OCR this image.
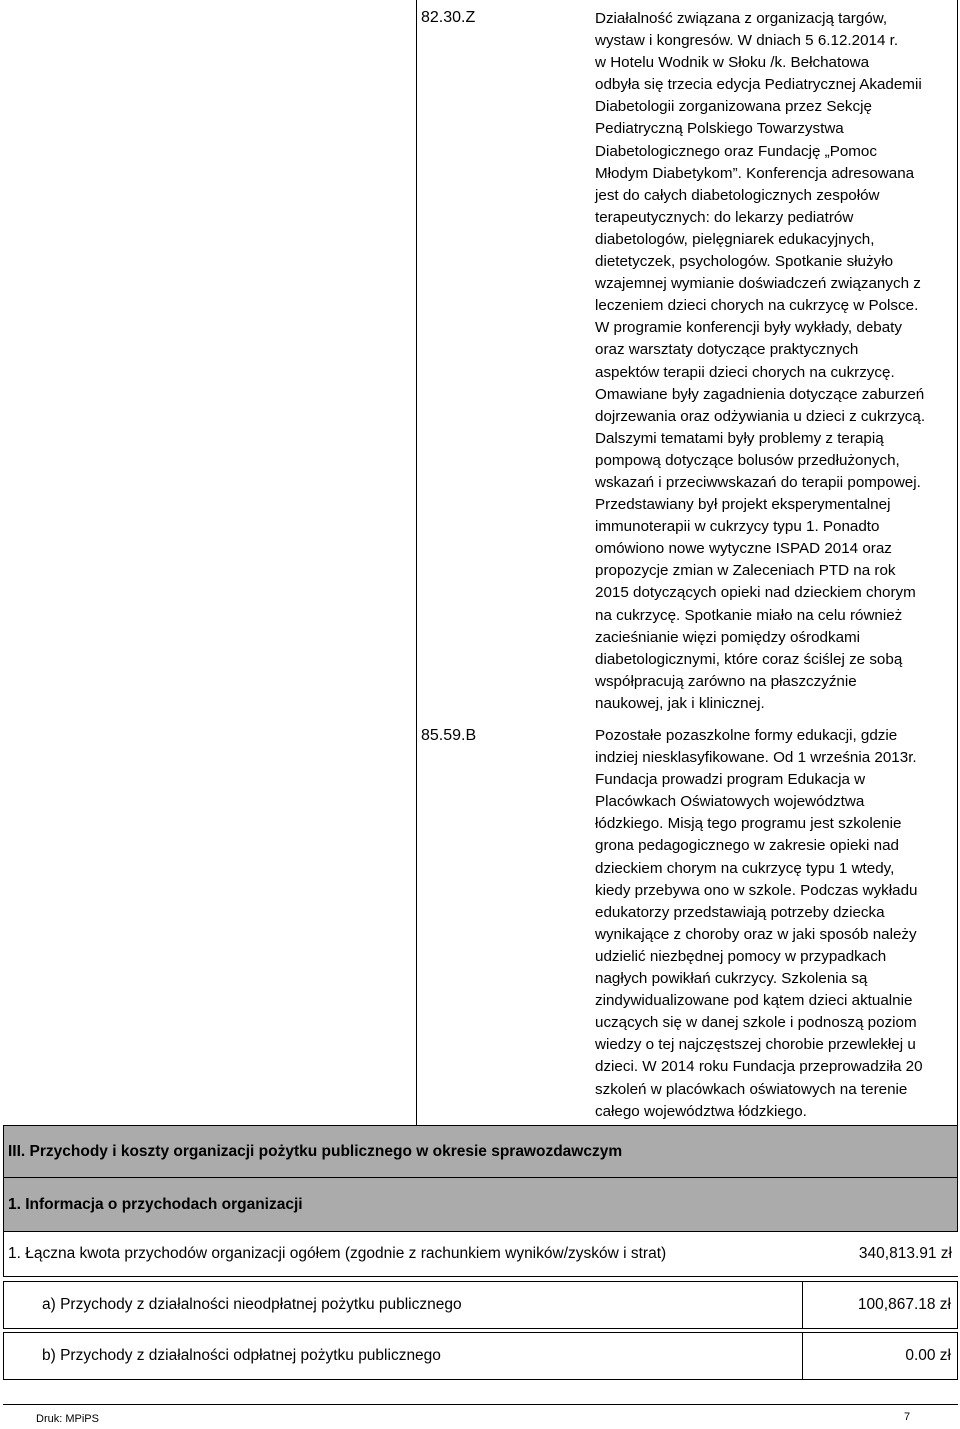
82.30.Z	Działalność związana z organizacją targów,
wystaw i kongresów. W dniach 5 6.12.2014 r.
w Hotelu Wodnik w Słoku /k. Bełchatowa
odbyła się trzecia edycja Pediatrycznej Akademii
Diabetologii zorganizowana przez Sekcję
Pediatryczną Polskiego Towarzystwa
Diabetologicznego oraz Fundację „Pomoc
Młodym Diabetykom”. Konferencja adresowana
jest do całych diabetologicznych zespołów
terapeutycznych: do lekarzy pediatrów
diabetologów, pielęgniarek edukacyjnych,
dietetyczek, psychologów. Spotkanie służyło
wzajemnej wymianie doświadczeń związanych z
leczeniem dzieci chorych na cukrzycę w Polsce.
W programie konferencji były wykłady, debaty
oraz warsztaty dotyczące praktycznych
aspektów terapii dzieci chorych na cukrzycę.
Omawiane były zagadnienia dotyczące zaburzeń
dojrzewania oraz odżywiania u dzieci z cukrzycą.
Dalszymi tematami były problemy z terapią
pompową dotyczące bolusów przedłużonych,
wskazań i przeciwwskazań do terapii pompowej.
Przedstawiany był projekt eksperymentalnej
immunoterapii w cukrzycy typu 1. Ponadto
omówiono nowe wytyczne ISPAD 2014 oraz
propozycje zmian w Zaleceniach PTD na rok
2015 dotyczących opieki nad dzieckiem chorym
na cukrzycę. Spotkanie miało na celu również
zacieśnianie więzi pomiędzy ośrodkami
diabetologicznymi, które coraz ściślej ze sobą
współpracują zarówno na płaszczyźnie
naukowej, jak i klinicznej.
85.59.B	Pozostałe pozaszkolne formy edukacji, gdzie
indziej niesklasyfikowane. Od 1 września 2013r.
Fundacja prowadzi program Edukacja w
Placówkach Oświatowych województwa
łódzkiego. Misją tego programu jest szkolenie
grona pedagogicznego w zakresie opieki nad
dzieckiem chorym na cukrzycę typu 1 wtedy,
kiedy przebywa ono w szkole. Podczas wykładu
edukatorzy przedstawiają potrzeby dziecka
wynikające z choroby oraz w jaki sposób należy
udzielić niezbędnej pomocy w przypadkach
nagłych powikłań cukrzycy. Szkolenia są
zindywidualizowane pod kątem dzieci aktualnie
uczących się w danej szkole i podnoszą poziom
wiedzy o tej najczęstszej chorobie przewlekłej u
dzieci. W 2014 roku Fundacja przeprowadziła 20
szkoleń w placówkach oświatowych na terenie
całego województwa łódzkiego.
III. Przychody i koszty organizacji pożytku publicznego w okresie sprawozdawczym
1. Informacja o przychodach organizacji
1. Łączna kwota przychodów organizacji ogółem (zgodnie z rachunkiem wyników/zysków i strat)	340,813.91 zł
a) Przychody z działalności nieodpłatnej pożytku publicznego	100,867.18 zł
b) Przychody z działalności odpłatnej pożytku publicznego	0.00 zł
Druk: MPiPS	7
